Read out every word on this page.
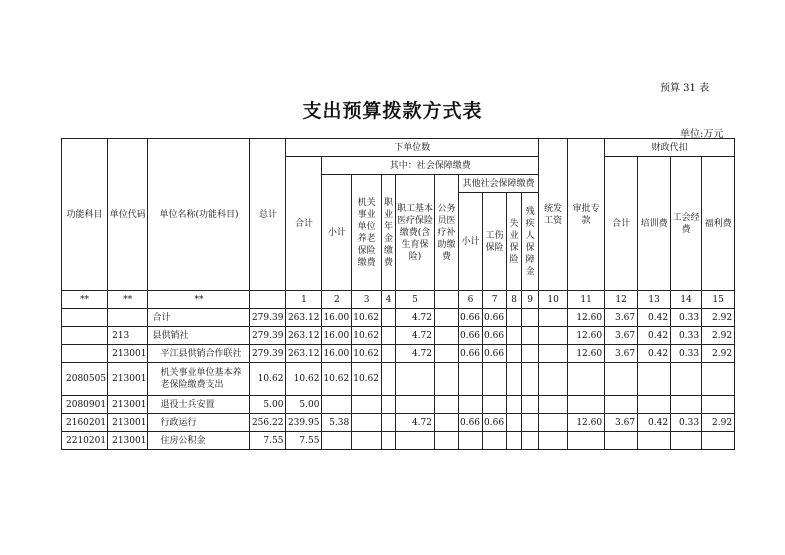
预算 31 表
支出预算拨款方式表
单位:万元
功能科目	单位代码	单位名称(功能科目)	总计	下单位数										统发工资	审批专款	财政代扣			
				合计	其中：社会保障缴费											合计	培训费	工会经费	福利费
					小计	机关事业单位养老保险缴费	职业年金缴费	职工基本医疗保险缴费(含生育保险)	公务员医疗补助缴费	其他社会保障缴费									
										小计	工伤保险	失业保险	残疾人保障金						
**	**	**		1	2	3	4	5		6	7	8	9	10	11	12	13	14	15
		合计	279.39	263.12	16.00	10.62		4.72		0.66	0.66				12.60	3.67	0.42	0.33	2.92
	213	县供销社	279.39	263.12	16.00	10.62		4.72		0.66	0.66				12.60	3.67	0.42	0.33	2.92
	213001	平江县供销合作联社	279.39	263.12	16.00	10.62		4.72		0.66	0.66				12.60	3.67	0.42	0.33	2.92
2080505	213001	机关事业单位基本养老保险缴费支出	10.62	10.62	10.62	10.62													
2080901	213001	退役士兵安置	5.00	5.00															
2160201	213001	行政运行	256.22	239.95	5.38			4.72		0.66	0.66				12.60	3.67	0.42	0.33	2.92
2210201	213001	住房公积金	7.55	7.55															
